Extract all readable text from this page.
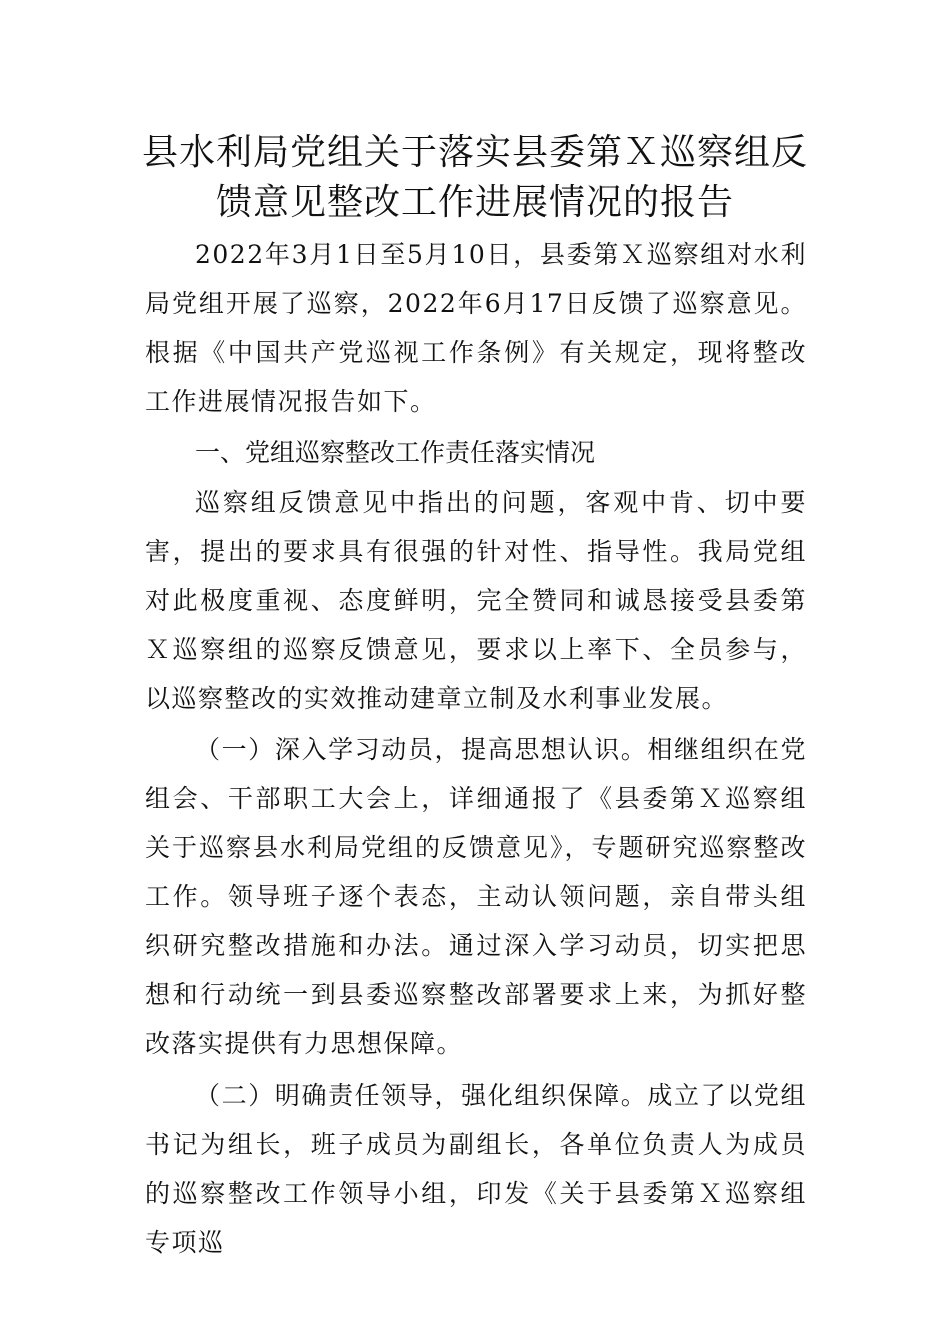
县水利局党组关于落实县委第Ｘ巡察组反馈意见整改工作进展情况的报告

2022年3月1日至5月10日，县委第Ｘ巡察组对水利局党组开展了巡察，2022年6月17日反馈了巡察意见。根据《中国共产党巡视工作条例》有关规定，现将整改工作进展情况报告如下。

一、党组巡察整改工作责任落实情况

巡察组反馈意见中指出的问题，客观中肯、切中要害，提出的要求具有很强的针对性、指导性。我局党组对此极度重视、态度鲜明，完全赞同和诚恳接受县委第Ｘ巡察组的巡察反馈意见，要求以上率下、全员参与，以巡察整改的实效推动建章立制及水利事业发展。

（一）深入学习动员，提高思想认识。相继组织在党组会、干部职工大会上，详细通报了《县委第Ｘ巡察组关于巡察县水利局党组的反馈意见》，专题研究巡察整改工作。领导班子逐个表态，主动认领问题，亲自带头组织研究整改措施和办法。通过深入学习动员，切实把思想和行动统一到县委巡察整改部署要求上来，为抓好整改落实提供有力思想保障。

（二）明确责任领导，强化组织保障。成立了以党组书记为组长，班子成员为副组长，各单位负责人为成员的巡察整改工作领导小组，印发《关于县委第Ｘ巡察组专项巡
